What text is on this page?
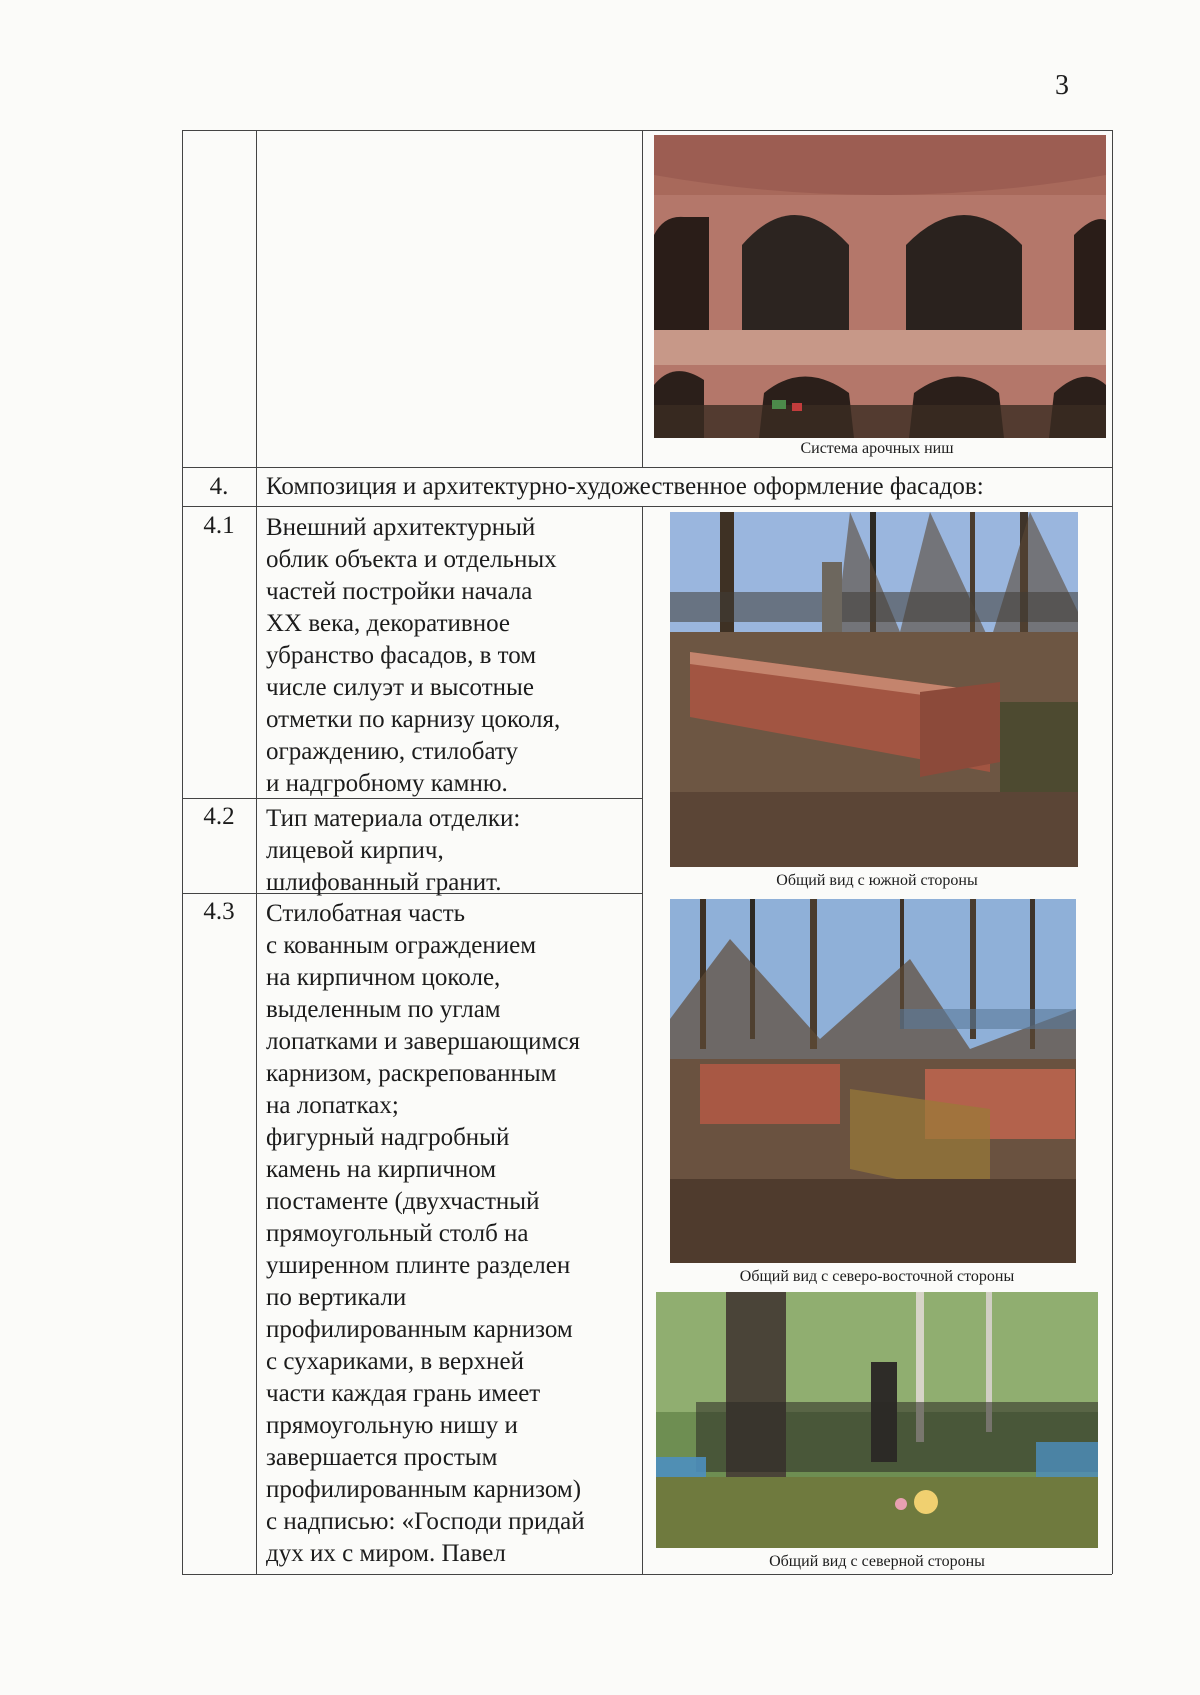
3
4.	Композиция и архитектурно-художественное оформление фасадов:
4.1	Внешний архитектурный
облик объекта и отдельных
частей постройки начала
XX века, декоративное
убранство фасадов, в том
числе силуэт и высотные
отметки по карнизу цоколя,
ограждению, стилобату
и надгробному камню.
4.2	Тип материала отделки:
лицевой кирпич,
шлифованный гранит.
4.3	Стилобатная часть
с кованным ограждением
на кирпичном цоколе,
выделенным по углам
лопатками и завершающимся
карнизом, раскрепованным
на лопатках;
фигурный надгробный
камень на кирпичном
постаменте (двухчастный
прямоугольный столб на
уширенном плинте разделен
по вертикали
профилированным карнизом
с сухариками, в верхней
части каждая грань имеет
прямоугольную нишу и
завершается простым
профилированным карнизом)
с надписью: «Господи придай
дух их с миром. Павел
Система арочных ниш
Общий вид с южной стороны
Общий вид с северо-восточной стороны
Общий вид с северной стороны
